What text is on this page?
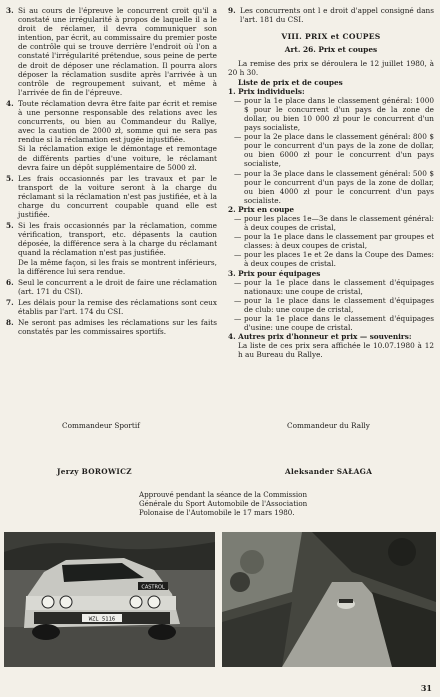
3. Si au cours de l'épreuve le concurrent croit qu'il a constaté une irrégularité à propos de laquelle il a le droit de réclamer, il devra communiquer son intention, par écrit, au commissaire du premier poste de contrôle qui se trouve derrière l'endroit où l'on a constaté l'irrégularité prétendue, sous peine de perte de droit de déposer une réclamation. Il pourra alors déposer la réclamation susdite après l'arrivée à un contrôle de regroupement suivant, et même à l'arrivée de fin de l'épreuve.

4. Toute réclamation devra être faite par écrit et remise à une personne responsable des relations avec les concurrents, ou bien au Commandeur du Rallye, avec la caution de 2000 zł, somme qui ne sera pas rendue si la réclamation est jugée injustifiée.

Si la réclamation exige le démontage et remontage de différents parties d'une voiture, le réclamant devra faire un dépôt supplémentaire de 5000 zł.

5. Les frais occasionnés par les travaux et par le transport de la voiture seront à la charge du réclamant si la réclamation n'est pas justifiée, et à la charge du concurrent coupable quand elle est justifiée.

5. Si les frais occasionnés par la réclamation, comme vérification, transport, etc. dépasents la caution déposée, la différence sera à la charge du réclamant quand la réclamation n'est pas justifiée.

De la même façon, si les frais se montrent inférieurs, la différence lui sera rendue.

6. Seul le concurrent a le droit de faire une réclamation (art. 171 du CSI).

7. Les délais pour la remise des réclamations sont ceux établis par l'art. 174 du CSI.

8. Ne seront pas admises les réclamations sur les faits constatés par les commissaires sportifs.

9. Les concurrents ont l e droit d'appel consigné dans l'art. 181 du CSI.

VIII. PRIX et COUPES
Art. 26. Prix et coupes

La remise des prix se déroulera le 12 juillet 1980, à 20 h 30.

Liste de prix et de coupes

1. Prix individuels:

— pour la 1e place dans le classement général: 1000 $ pour le concurrent d'un pays de la zone de dollar, ou bien 10 000 zł pour le concurrent d'un pays socialiste,

— pour la 2e place dans le classement général: 800 $ pour le concurrent d'un pays de la zone de dollar, ou bien 6000 zł pour le concurrent d'un pays socialiste,

— pour la 3e place dans le classement général: 500 $ pour le concurrent d'un pays de la zone de dollar, ou bien 4000 zł pour le concurrent d'un pays socialiste.

2. Prix en coupe

— pour les places 1e—3e dans le classement général: à deux coupes de cristal,

— pour la 1e place dans le classement par groupes et classes: à deux coupes de cristal,

— pour les places 1e et 2e dans la Coupe des Dames: à deux coupes de cristal.

3. Prix pour équipages

— pour la 1e place dans le classement d'équipages nationaux: une coupe de cristal,

— pour la 1e place dans le classement d'équipages de club: une coupe de cristal,

— pour la 1e place dans le classement d'équipages d'usine: une coupe de cristal.

4. Autres prix d'honneur et prix — souvenirs:

La liste de ces prix sera affichée le 10.07.1980 à 12 h au Bureau du Rallye.

Commandeur Sportif	Commandeur du Rally
Jerzy BOROWICZ	Aleksander SAŁAGA
Approuvé pendant la séance de la Commission Générale du Sport Automobile de l'Association Polonaise de l'Automobile le 17 mars 1980.
WZL 5116
CASTROL
31
